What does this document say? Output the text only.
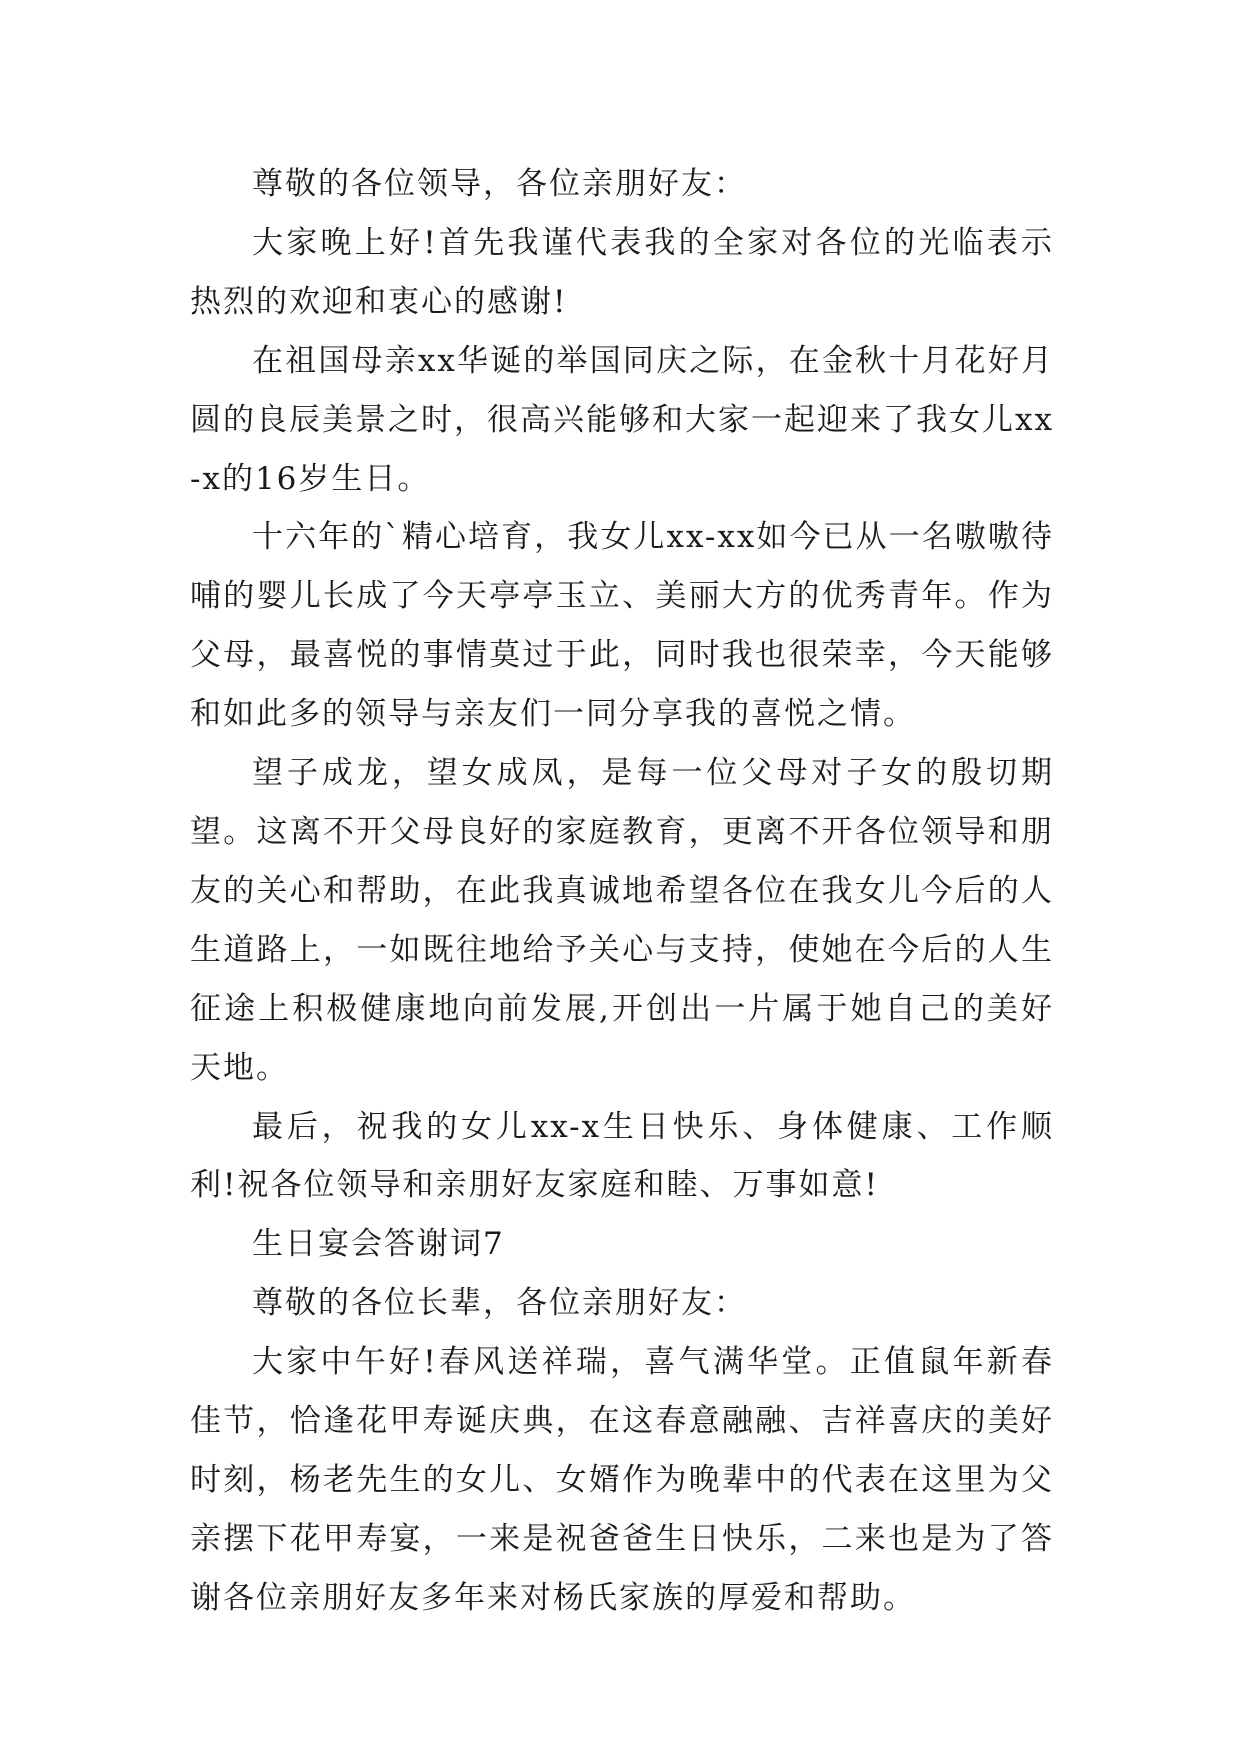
尊敬的各位领导，各位亲朋好友：

大家晚上好!首先我谨代表我的全家对各位的光临表示热烈的欢迎和衷心的感谢!

在祖国母亲xx华诞的举国同庆之际，在金秋十月花好月圆的良辰美景之时，很高兴能够和大家一起迎来了我女儿xx-x的16岁生日。

十六年的`精心培育，我女儿xx-xx如今已从一名嗷嗷待哺的婴儿长成了今天亭亭玉立、美丽大方的优秀青年。作为父母，最喜悦的事情莫过于此，同时我也很荣幸，今天能够和如此多的领导与亲友们一同分享我的喜悦之情。

望子成龙，望女成凤，是每一位父母对子女的殷切期望。这离不开父母良好的家庭教育，更离不开各位领导和朋友的关心和帮助，在此我真诚地希望各位在我女儿今后的人生道路上，一如既往地给予关心与支持，使她在今后的人生征途上积极健康地向前发展,开创出一片属于她自己的美好天地。

最后，祝我的女儿xx-x生日快乐、身体健康、工作顺利!祝各位领导和亲朋好友家庭和睦、万事如意!

生日宴会答谢词7

尊敬的各位长辈，各位亲朋好友：

大家中午好!春风送祥瑞，喜气满华堂。正值鼠年新春佳节，恰逢花甲寿诞庆典，在这春意融融、吉祥喜庆的美好时刻，杨老先生的女儿、女婿作为晚辈中的代表在这里为父亲摆下花甲寿宴，一来是祝爸爸生日快乐，二来也是为了答谢各位亲朋好友多年来对杨氏家族的厚爱和帮助。
